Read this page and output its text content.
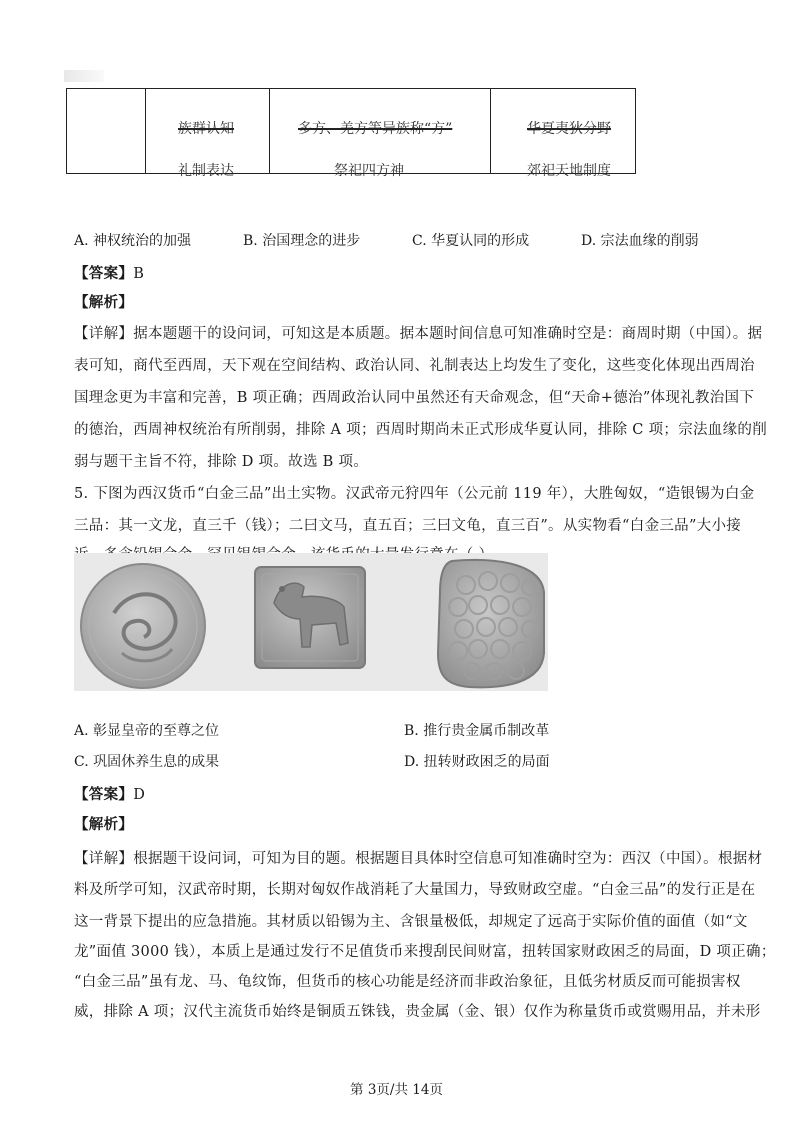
族群认知	多方、羌方等异族称“方”	华夏夷狄分野
礼制表达	祭祀四方神	郊祀天地制度
A. 神权统治的加强	B. 治国理念的进步	C. 华夏认同的形成	D. 宗法血缘的削弱
【答案】B
【解析】
【详解】据本题题干的设问词，可知这是本质题。据本题时间信息可知准确时空是：商周时期（中国）。据
表可知，商代至西周，天下观在空间结构、政治认同、礼制表达上均发生了变化，这些变化体现出西周治
国理念更为丰富和完善，B 项正确；西周政治认同中虽然还有天命观念，但“天命+德治”体现礼教治国下
的德治，西周神权统治有所削弱，排除 A 项；西周时期尚未正式形成华夏认同，排除 C 项；宗法血缘的削
弱与题干主旨不符，排除 D 项。故选 B 项。
5. 下图为西汉货币“白金三品”出土实物。汉武帝元狩四年（公元前 119 年），大胜匈奴，“造银锡为白金
三品：其一文龙，直三千（钱）；二曰文马，直五百；三曰文龟，直三百”。从实物看“白金三品”大小接
A. 彰显皇帝的至尊之位	B. 推行贵金属币制改革
C. 巩固休养生息的成果	D. 扭转财政困乏的局面
【答案】D
【解析】
【详解】根据题干设问词，可知为目的题。根据题目具体时空信息可知准确时空为：西汉（中国）。根据材
料及所学可知，汉武帝时期，长期对匈奴作战消耗了大量国力，导致财政空虚。“白金三品”的发行正是在
这一背景下提出的应急措施。其材质以铅锡为主、含银量极低，却规定了远高于实际价值的面值（如“文
龙”面值 3000 钱），本质上是通过发行不足值货币来搜刮民间财富，扭转国家财政困乏的局面，D 项正确；
“白金三品”虽有龙、马、龟纹饰，但货币的核心功能是经济而非政治象征，且低劣材质反而可能损害权
威，排除 A 项；汉代主流货币始终是铜质五铢钱，贵金属（金、银）仅作为称量货币或赏赐用品，并未形
第 3页/共 14页
